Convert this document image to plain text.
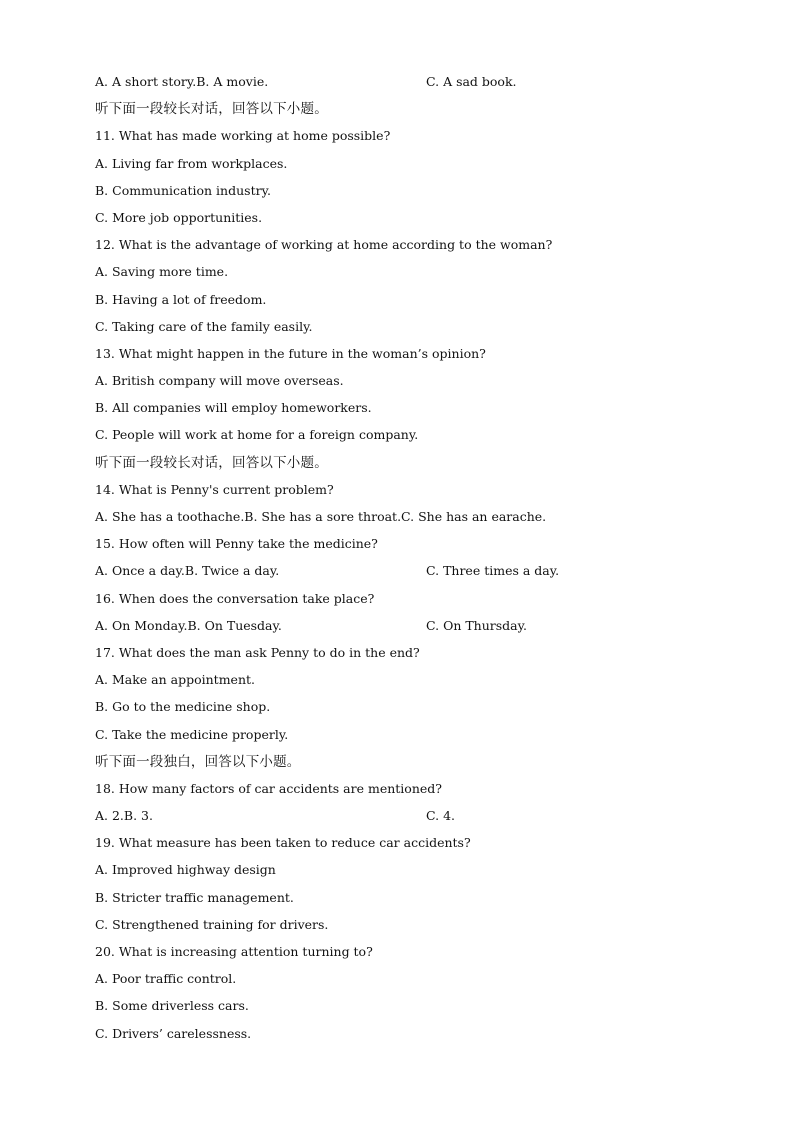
A. A short story.B. A movie.	C. A sad book.
听下面一段较长对话，回答以下小题。
11. What has made working at home possible?
A. Living far from workplaces.
B. Communication industry.
C. More job opportunities.
12. What is the advantage of working at home according to the woman?
A. Saving more time.
B. Having a lot of freedom.
C. Taking care of the family easily.
13. What might happen in the future in the woman’s opinion?
A. British company will move overseas.
B. All companies will employ homeworkers.
C. People will work at home for a foreign company.
听下面一段较长对话，回答以下小题。
14. What is Penny's current problem?
A. She has a toothache.B. She has a sore throat.C. She has an earache.
15. How often will Penny take the medicine?
A. Once a day.B. Twice a day.	C. Three times a day.
16. When does the conversation take place?
A. On Monday.B. On Tuesday.	C. On Thursday.
17. What does the man ask Penny to do in the end?
A. Make an appointment.
B. Go to the medicine shop.
C. Take the medicine properly.
听下面一段独白，回答以下小题。
18. How many factors of car accidents are mentioned?
A. 2.B. 3.	C. 4.
19. What measure has been taken to reduce car accidents?
A. Improved highway design
B. Stricter traffic management.
C. Strengthened training for drivers.
20. What is increasing attention turning to?
A. Poor traffic control.
B. Some driverless cars.
C. Drivers’ carelessness.
